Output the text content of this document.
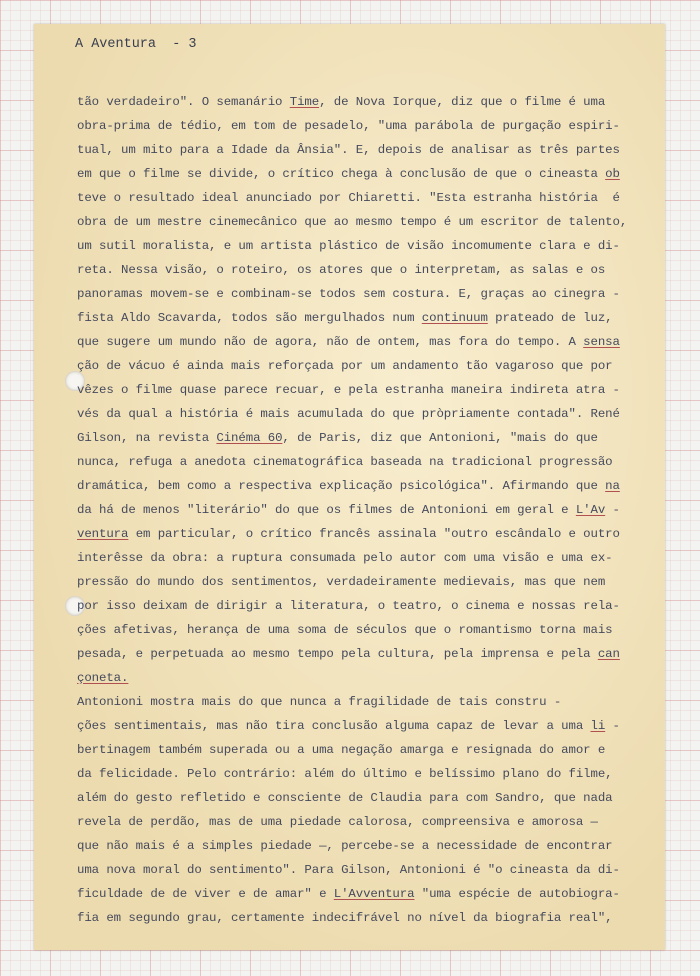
A Aventura  - 3

tão verdadeiro". O semanário Time, de Nova Iorque, diz que o filme é uma
obra-prima de tédio, em tom de pesadelo, "uma parábola de purgação espiri-
tual, um mito para a Idade da Ânsia". E, depois de analisar as três partes
em que o filme se divide, o crítico chega à conclusão de que o cineasta ob
teve o resultado ideal anunciado por Chiaretti. "Esta estranha história  é
obra de um mestre cinemecânico que ao mesmo tempo é um escritor de talento,
um sutil moralista, e um artista plástico de visão incomumente clara e di-
reta. Nessa visão, o roteiro, os atores que o interpretam, as salas e os
panoramas movem-se e combinam-se todos sem costura. E, graças ao cinegra -
fista Aldo Scavarda, todos são mergulhados num continuum prateado de luz,
que sugere um mundo não de agora, não de ontem, mas fora do tempo. A sensa
ção de vácuo é ainda mais reforçada por um andamento tão vagaroso que por
vêzes o filme quase parece recuar, e pela estranha maneira indireta atra -
vés da qual a história é mais acumulada do que pròpriamente contada". René
Gilson, na revista Cinéma 60, de Paris, diz que Antonioni, "mais do que
nunca, refuga a anedota cinematográfica baseada na tradicional progressão
dramática, bem como a respectiva explicação psicológica". Afirmando que na
da há de menos "literário" do que os filmes de Antonioni em geral e L'Av -
ventura em particular, o crítico francês assinala "outro escândalo e outro
interêsse da obra: a ruptura consumada pelo autor com uma visão e uma ex-
pressão do mundo dos sentimentos, verdadeiramente medievais, mas que nem
por isso deixam de dirigir a literatura, o teatro, o cinema e nossas rela-
ções afetivas, herança de uma soma de séculos que o romantismo torna mais
pesada, e perpetuada ao mesmo tempo pela cultura, pela imprensa e pela can
çoneta.
Antonioni mostra mais do que nunca a fragilidade de tais constru -
ções sentimentais, mas não tira conclusão alguma capaz de levar a uma li -
bertinagem também superada ou a uma negação amarga e resignada do amor e
da felicidade. Pelo contrário: além do último e belíssimo plano do filme,
além do gesto refletido e consciente de Claudia para com Sandro, que nada
revela de perdão, mas de uma piedade calorosa, compreensiva e amorosa —
que não mais é a simples piedade —, percebe-se a necessidade de encontrar
uma nova moral do sentimento". Para Gilson, Antonioni é "o cineasta da di-
ficuldade de de viver e de amar" e L'Avventura "uma espécie de autobiogra-
fia em segundo grau, certamente indecifrável no nível da biografia real",
